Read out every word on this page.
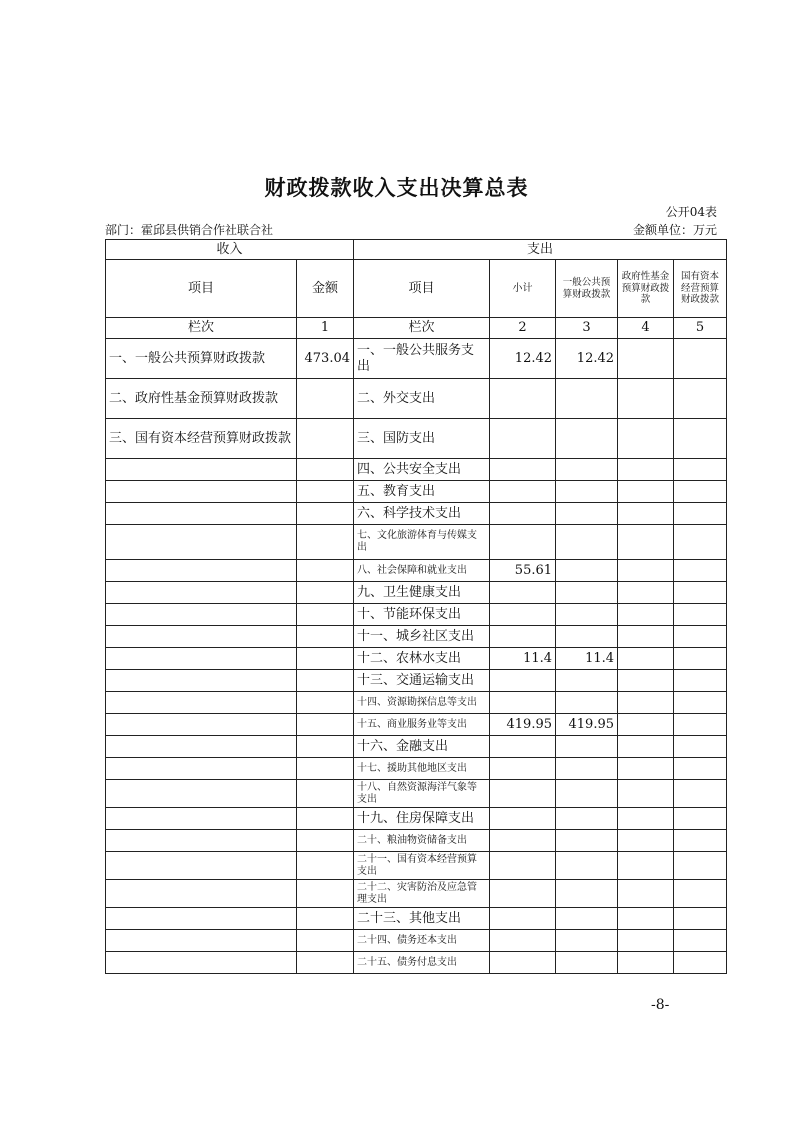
财政拨款收入支出决算总表
公开04表
部门：霍邱县供销合作社联合社	金额单位：万元
收入		支出				
项目	金额	项目	小计	一般公共预算财政拨款	政府性基金预算财政拨款	国有资本经营预算财政拨款
栏次	1	栏次	2	3	4	5
一、一般公共预算财政拨款	473.04	一、一般公共服务支出	12.42	12.42		
二、政府性基金预算财政拨款		二、外交支出				
三、国有资本经营预算财政拨款		三、国防支出				
		四、公共安全支出				
		五、教育支出				
		六、科学技术支出				
		七、文化旅游体育与传媒支出				
		八、社会保障和就业支出	55.61			
		九、卫生健康支出				
		十、节能环保支出				
		十一、城乡社区支出				
		十二、农林水支出	11.4	11.4		
		十三、交通运输支出				
		十四、资源勘探信息等支出				
		十五、商业服务业等支出	419.95	419.95		
		十六、金融支出				
		十七、援助其他地区支出				
		十八、自然资源海洋气象等支出				
		十九、住房保障支出				
		二十、粮油物资储备支出				
		二十一、国有资本经营预算支出				
		二十二、灾害防治及应急管理支出				
		二十三、其他支出				
		二十四、债务还本支出				
		二十五、债务付息支出				
-8-
